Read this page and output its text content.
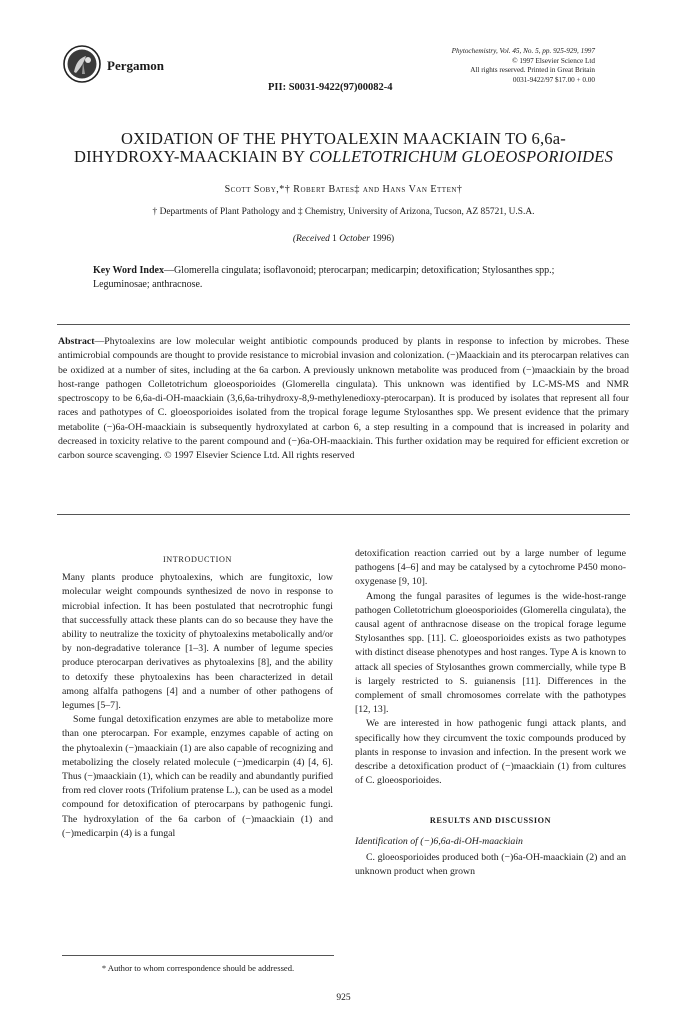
Pergamon
Phytochemistry, Vol. 45, No. 5, pp. 925-929, 1997
© 1997 Elsevier Science Ltd
All rights reserved. Printed in Great Britain
0031-9422/97 $17.00 + 0.00
PII: S0031-9422(97)00082-4
OXIDATION OF THE PHYTOALEXIN MAACKIAIN TO 6,6a-
DIHYDROXY-MAACKIAIN BY COLLETOTRICHUM GLOEOSPORIOIDES
Scott Soby,*† Robert Bates‡ and Hans Van Etten†
† Departments of Plant Pathology and ‡ Chemistry, University of Arizona, Tucson, AZ 85721, U.S.A.
(Received 1 October 1996)
Key Word Index—Glomerella cingulata; isoflavonoid; pterocarpan; medicarpin; detoxification; Stylosanthes spp.; Leguminosae; anthracnose.
Abstract—Phytoalexins are low molecular weight antibiotic compounds produced by plants in response to infection by microbes. These antimicrobial compounds are thought to provide resistance to microbial invasion and colonization. (−)Maackiain and its pterocarpan relatives can be oxidized at a number of sites, including at the 6a carbon. A previously unknown metabolite was produced from (−)maackiain by the broad host-range pathogen Colletotrichum gloeosporioides (Glomerella cingulata). This unknown was identified by LC-MS-MS and NMR spectroscopy to be 6,6a-di-OH-maackiain (3,6,6a-trihydroxy-8,9-methylenedioxy-pterocarpan). It is produced by isolates that represent all four races and pathotypes of C. gloeosporioides isolated from the tropical forage legume Stylosanthes spp. We present evidence that the primary metabolite (−)6a-OH-maackiain is subsequently hydroxylated at carbon 6, a step resulting in a compound that is increased in polarity and decreased in toxicity relative to the parent compound and (−)6a-OH-maackiain. This further oxidation may be required for efficient excretion or carbon source scavenging. © 1997 Elsevier Science Ltd. All rights reserved
INTRODUCTION

Many plants produce phytoalexins, which are fungitoxic, low molecular weight compounds synthesized de novo in response to microbial infection. It has been postulated that necrotrophic fungi that successfully attack these plants can do so because they have the ability to neutralize the toxicity of phytoalexins metabolically and/or by non-degradative tolerance [1–3]. A number of legume species produce pterocarpan derivatives as phytoalexins [8], and the ability to detoxify these phytoalexins has been characterized in detail among alfalfa pathogens [4] and a number of other pathogens of legumes [5–7].

Some fungal detoxification enzymes are able to metabolize more than one pterocarpan. For example, enzymes capable of acting on the phytoalexin (−)maackiain (1) are also capable of recognizing and metabolizing the closely related molecule (−)medicarpin (4) [4, 6]. Thus (−)maackiain (1), which can be readily and abundantly purified from red clover roots (Trifolium pratense L.), can be used as a model compound for detoxification of pterocarpans by pathogenic fungi. The hydroxylation of the 6a carbon of (−)maackiain (1) and (−)medicarpin (4) is a fungal

* Author to whom correspondence should be addressed.

detoxification reaction carried out by a large number of legume pathogens [4–6] and may be catalysed by a cytochrome P450 mono-oxygenase [9, 10].

Among the fungal parasites of legumes is the wide-host-range pathogen Colletotrichum gloeosporioides (Glomerella cingulata), the causal agent of anthracnose disease on the tropical forage legume Stylosanthes spp. [11]. C. gloeosporioides exists as two pathotypes with distinct disease phenotypes and host ranges. Type A is known to attack all species of Stylosanthes grown commercially, while type B is largely restricted to S. guianensis [11]. Differences in the complement of small chromosomes correlate with the pathotypes [12, 13].

We are interested in how pathogenic fungi attack plants, and specifically how they circumvent the toxic compounds produced by plants in response to invasion and infection. In the present work we describe a detoxification product of (−)maackiain (1) from cultures of C. gloeosporioides.

RESULTS AND DISCUSSION
Identification of (−)6,6a-di-OH-maackiain

C. gloeosporioides produced both (−)6a-OH-maackiain (2) and an unknown product when grown

925
